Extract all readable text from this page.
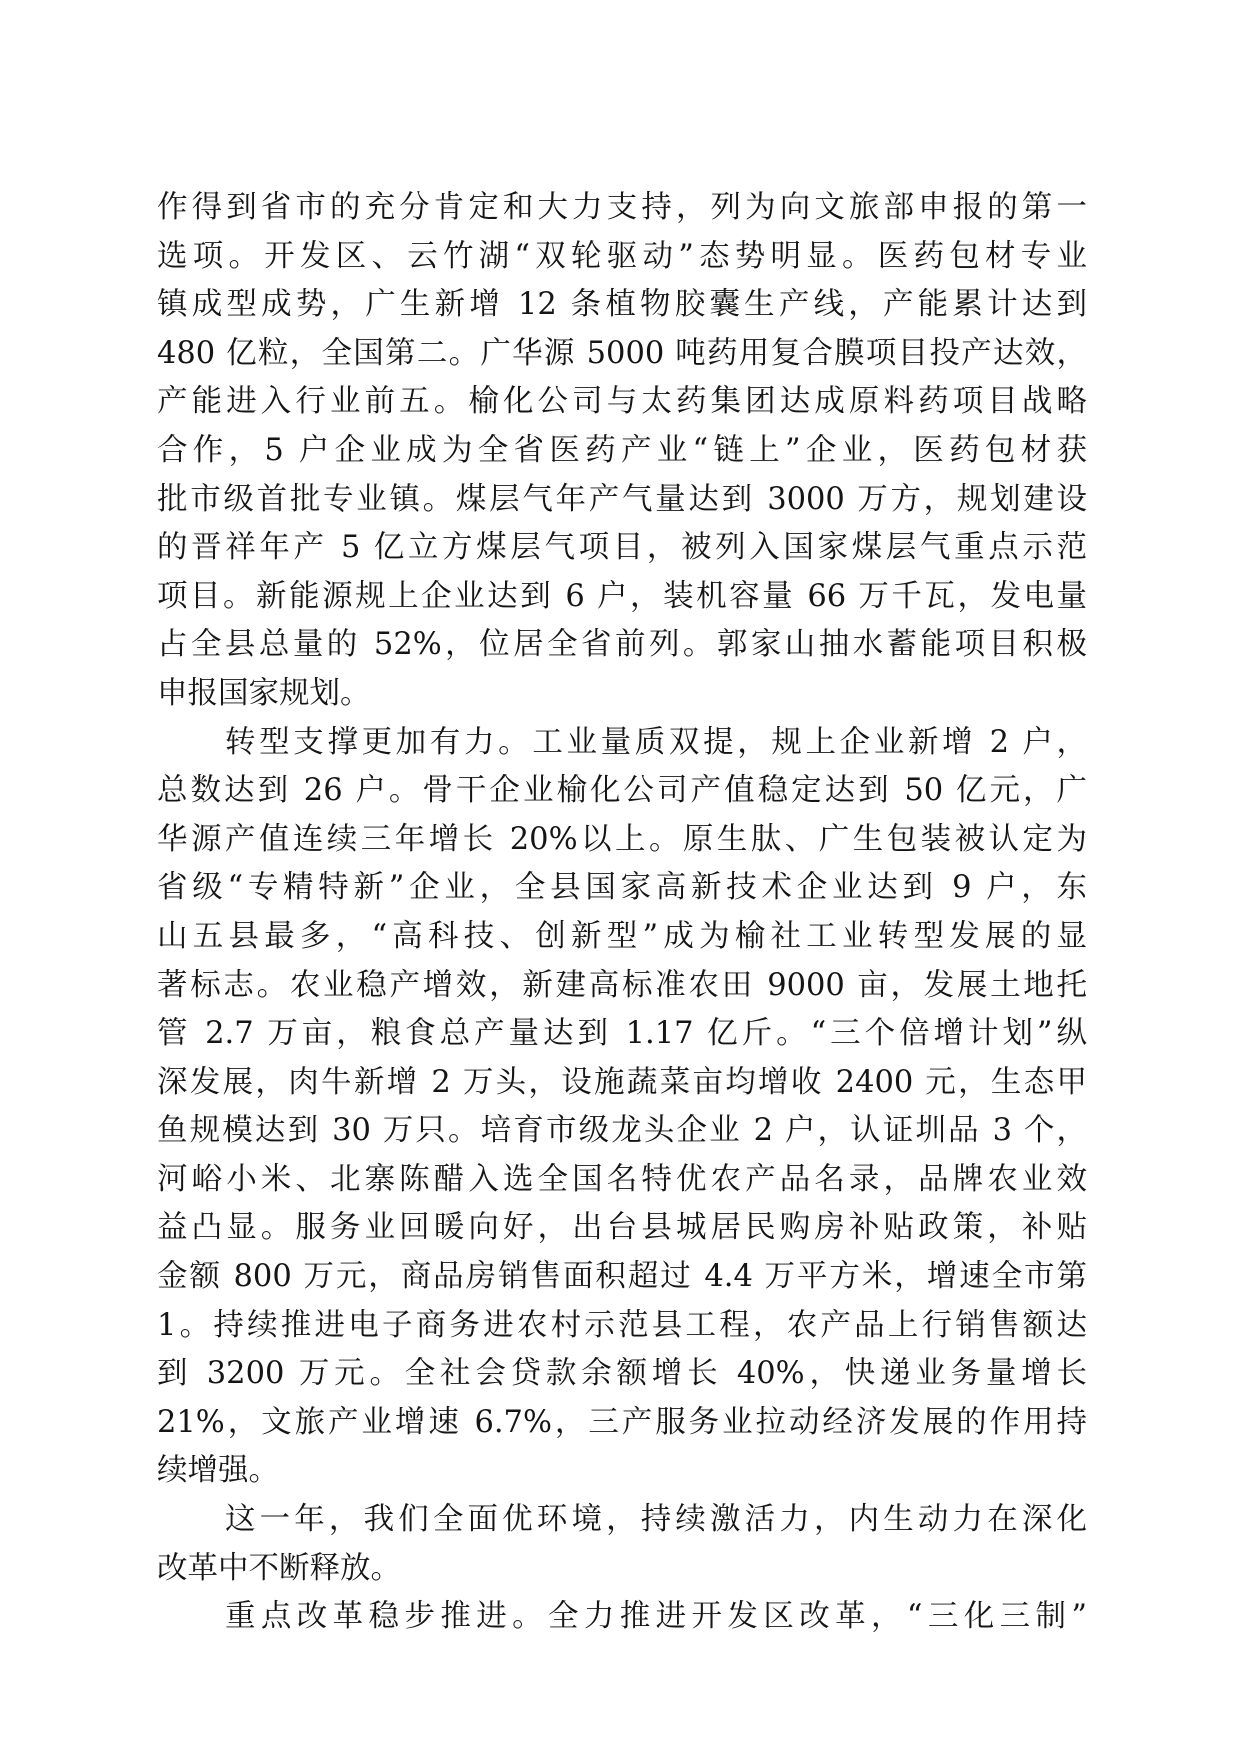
作得到省市的充分肯定和大力支持，列为向文旅部申报的第一
选项。开发区、云竹湖“双轮驱动”态势明显。医药包材专业
镇成型成势，广生新增 12 条植物胶囊生产线，产能累计达到
480 亿粒，全国第二。广华源 5000 吨药用复合膜项目投产达效，
产能进入行业前五。榆化公司与太药集团达成原料药项目战略
合作，5 户企业成为全省医药产业“链上”企业，医药包材获
批市级首批专业镇。煤层气年产气量达到 3000 万方，规划建设
的晋祥年产 5 亿立方煤层气项目，被列入国家煤层气重点示范
项目。新能源规上企业达到 6 户，装机容量 66 万千瓦，发电量
占全县总量的 52%，位居全省前列。郭家山抽水蓄能项目积极
申报国家规划。
转型支撑更加有力。工业量质双提，规上企业新增 2 户，
总数达到 26 户。骨干企业榆化公司产值稳定达到 50 亿元，广
华源产值连续三年增长 20%以上。原生肽、广生包装被认定为
省级“专精特新”企业，全县国家高新技术企业达到 9 户，东
山五县最多，“高科技、创新型”成为榆社工业转型发展的显
著标志。农业稳产增效，新建高标准农田 9000 亩，发展土地托
管 2.7 万亩，粮食总产量达到 1.17 亿斤。“三个倍增计划”纵
深发展，肉牛新增 2 万头，设施蔬菜亩均增收 2400 元，生态甲
鱼规模达到 30 万只。培育市级龙头企业 2 户，认证圳品 3 个，
河峪小米、北寨陈醋入选全国名特优农产品名录，品牌农业效
益凸显。服务业回暖向好，出台县城居民购房补贴政策，补贴
金额 800 万元，商品房销售面积超过 4.4 万平方米，增速全市第
1。持续推进电子商务进农村示范县工程，农产品上行销售额达
到 3200 万元。全社会贷款余额增长 40%，快递业务量增长
21%，文旅产业增速 6.7%，三产服务业拉动经济发展的作用持
续增强。
这一年，我们全面优环境，持续激活力，内生动力在深化
改革中不断释放。
重点改革稳步推进。全力推进开发区改革，“三化三制”
